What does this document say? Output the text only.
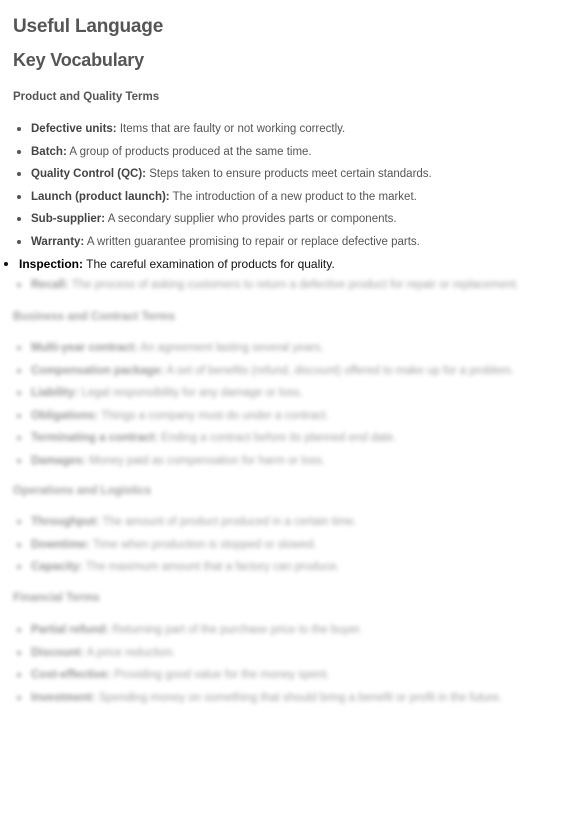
Useful Language
Key Vocabulary
Product and Quality Terms
Defective units: Items that are faulty or not working correctly.
Batch: A group of products produced at the same time.
Quality Control (QC): Steps taken to ensure products meet certain standards.
Launch (product launch): The introduction of a new product to the market.
Sub-supplier: A secondary supplier who provides parts or components.
Warranty: A written guarantee promising to repair or replace defective parts.
Inspection: The careful examination of products for quality.
Recall: The process of asking customers to return a defective product for repair or replacement.
Business and Contract Terms
Multi-year contract: An agreement lasting several years.
Compensation package: A set of benefits (refund, discount) offered to make up for a problem.
Liability: Legal responsibility for any damage or loss.
Obligations: Things a company must do under a contract.
Terminating a contract: Ending a contract before its planned end date.
Damages: Money paid as compensation for harm or loss.
Operations and Logistics
Throughput: The amount of product produced in a certain time.
Downtime: Time when production is stopped or slowed.
Capacity: The maximum amount that a factory can produce.
Financial Terms
Partial refund: Returning part of the purchase price to the buyer.
Discount: A price reduction.
Cost-effective: Providing good value for the money spent.
Investment: Spending money on something that should bring a benefit or profit in the future.
